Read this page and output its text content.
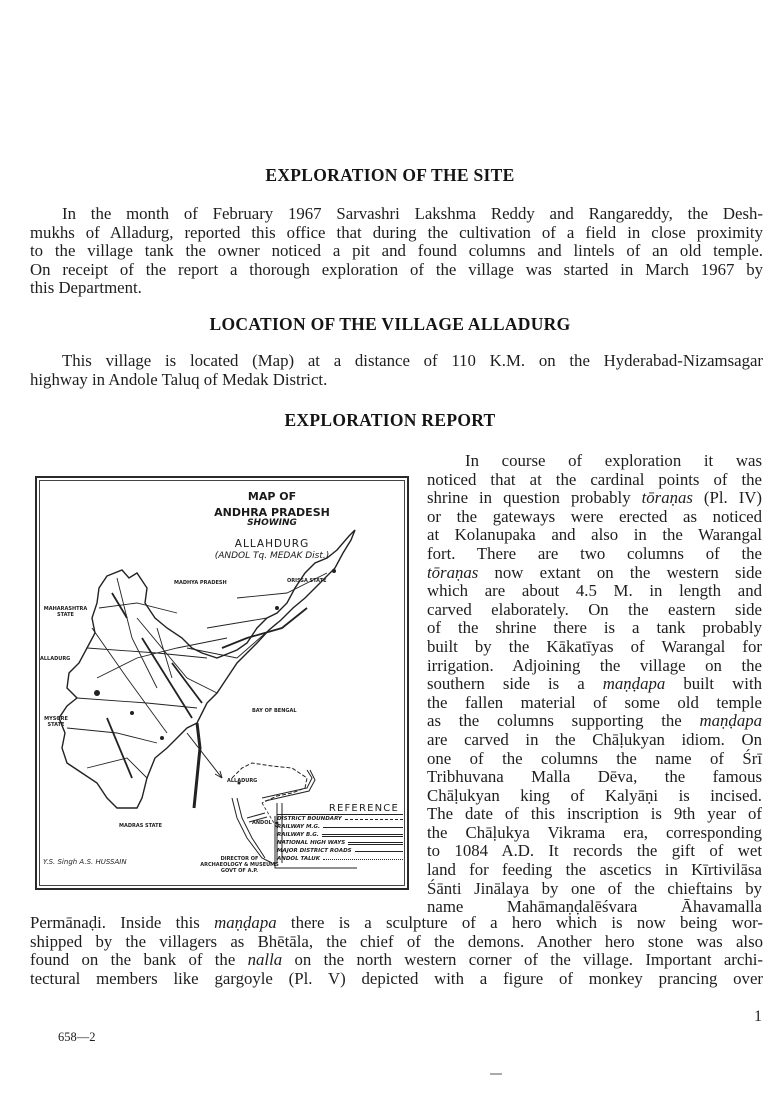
EXPLORATION OF THE SITE
In the month of February 1967 Sarvashri Lakshma Reddy and Rangareddy, the Desh-
mukhs of Alladurg, reported this office that during the cultivation of a field in close proximity
to the village tank the owner noticed a pit and found columns and lintels of an old temple.
On receipt of the report a thorough exploration of the village was started in March 1967 by
this Department.
LOCATION OF THE VILLAGE ALLADURG
This village is located (Map) at a distance of 110 K.M. on the Hyderabad-Nizamsagar
highway in Andole Taluq of Medak District.
EXPLORATION REPORT
MAP OF
ANDHRA PRADESH
SHOWING
ALLAHDURG
(ANDOL Tq. MEDAK Dist.)
ORISSA STATE
MADHYA PRADESH
MAHARASHTRA STATE
ALLADURG
MYSORE STATE
BAY OF BENGAL
MADRAS STATE
ALLADURG
ANDOL
REFERENCE
DISTRICT BOUNDARY
RAILWAY M.G.
RAILWAY B.G.
NATIONAL HIGH WAYS
MAJOR DISTRICT ROADS
ANDOL TALUK
Y.S. Singh A.S. HUSSAIN	DIRECTOR OF
ARCHAEOLOGY & MUSEUMS
GOVT OF A.P.
In course of exploration it was
noticed that at the cardinal points of the
shrine in question probably tōraṇas (Pl. IV)
or the gateways were erected as noticed
at Kolanupaka and also in the Warangal
fort. There are two columns of the
tōraṇas now extant on the western side
which are about 4.5 M. in length and
carved elaborately. On the eastern side
of the shrine there is a tank probably
built by the Kākatīyas of Warangal for
irrigation. Adjoining the village on the
southern side is a maṇḍapa built with
the fallen material of some old temple
as the columns supporting the maṇḍapa
are carved in the Chāḷukyan idiom. On
one of the columns the name of Śrī
Tribhuvana Malla Dēva, the famous
Chāḷukyan king of Kalyāṇi is incised.
The date of this inscription is 9th year of
the Chāḷukya Vikrama era, corresponding
to 1084 A.D. It records the gift of wet
land for feeding the ascetics in Kīrtivilāsa
Śānti Jinālaya by one of the chieftains by
name Mahāmaṇḍalēśvara Āhavamalla
Permānaḍi. Inside this maṇḍapa there is a sculpture of a hero which is now being wor-
shipped by the villagers as Bhētāla, the chief of the demons. Another hero stone was also
found on the bank of the nalla on the north western corner of the village. Important archi-
tectural members like gargoyle (Pl. V) depicted with a figure of monkey prancing over
658—2
1
